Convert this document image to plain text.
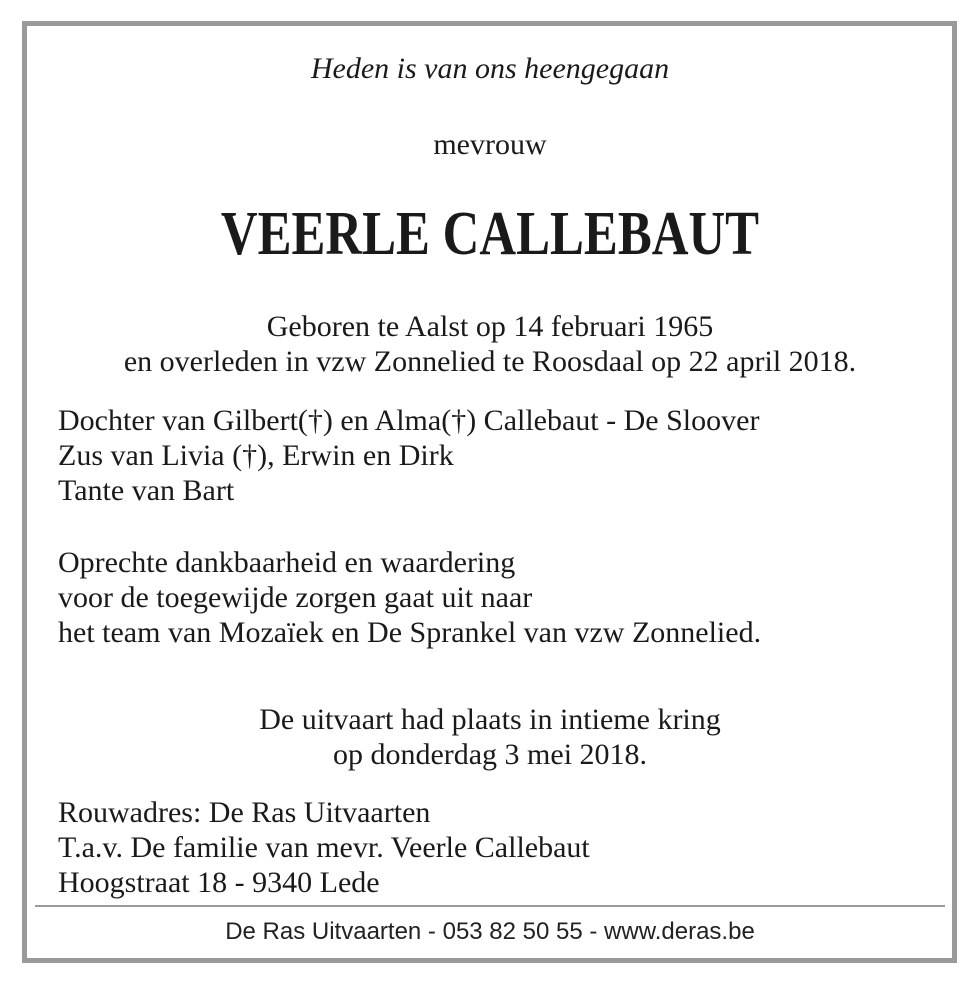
Heden is van ons heengegaan
mevrouw
VEERLE CALLEBAUT
Geboren te Aalst op 14 februari 1965
en overleden in vzw Zonnelied te Roosdaal op 22 april 2018.
Dochter van Gilbert(†) en Alma(†) Callebaut - De Sloover
Zus van Livia (†), Erwin en Dirk
Tante van Bart
Oprechte dankbaarheid en waardering
voor de toegewijde zorgen gaat uit naar
het team van Mozaïek en De Sprankel van vzw Zonnelied.
De uitvaart had plaats in intieme kring
op donderdag 3 mei 2018.
Rouwadres: De Ras Uitvaarten
T.a.v. De familie van mevr. Veerle Callebaut
Hoogstraat 18 - 9340 Lede
De Ras Uitvaarten - 053 82 50 55 - www.deras.be
